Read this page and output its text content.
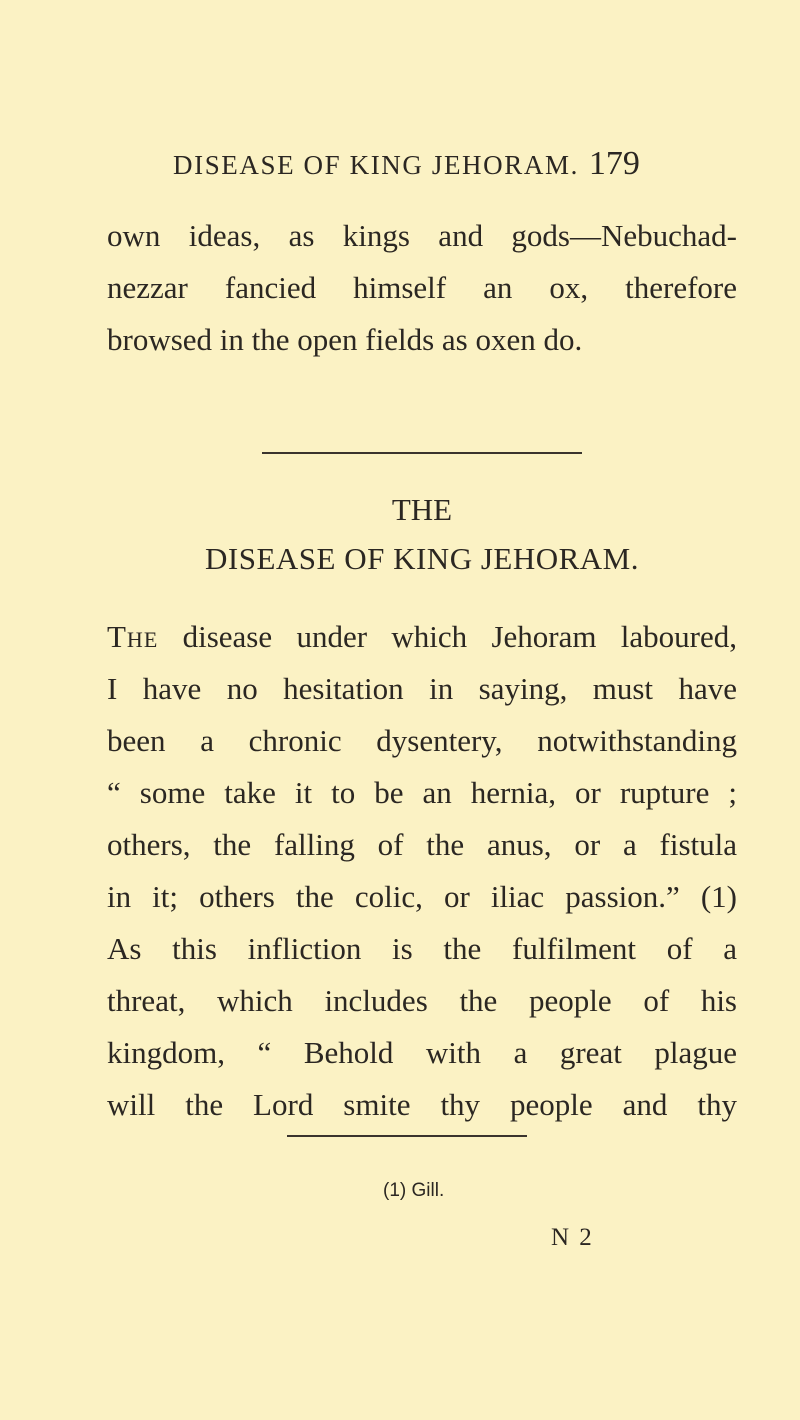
DISEASE OF KING JEHORAM. 179
own ideas, as kings and gods—Nebuchad-
nezzar fancied himself an ox, therefore
browsed in the open fields as oxen do.
THE
DISEASE OF KING JEHORAM.
The disease under which Jehoram laboured,
I have no hesitation in saying, must have
been a chronic dysentery, notwithstanding
“ some take it to be an hernia, or rupture ;
others, the falling of the anus, or a fistula
in it; others the colic, or iliac passion.” (1)
As this infliction is the fulfilment of a
threat, which includes the people of his
kingdom, “ Behold with a great plague
will the Lord smite thy people and thy
(1) Gill.
N 2
